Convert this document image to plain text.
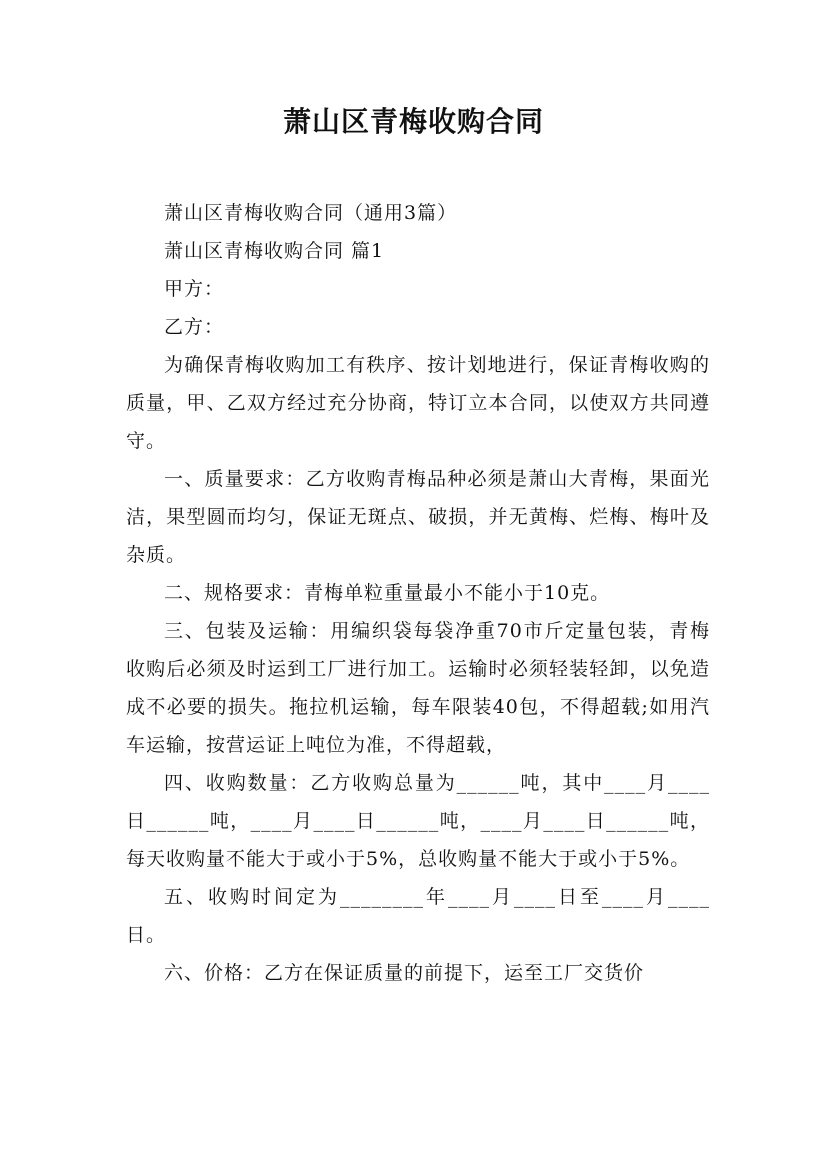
萧山区青梅收购合同

萧山区青梅收购合同（通用3篇）

萧山区青梅收购合同 篇1

甲方：

乙方：

为确保青梅收购加工有秩序、按计划地进行，保证青梅收购的质量，甲、乙双方经过充分协商，特订立本合同，以使双方共同遵守。

一、质量要求：乙方收购青梅品种必须是萧山大青梅，果面光洁，果型圆而均匀，保证无斑点、破损，并无黄梅、烂梅、梅叶及杂质。

二、规格要求：青梅单粒重量最小不能小于10克。

三、包装及运输：用编织袋每袋净重70市斤定量包装，青梅收购后必须及时运到工厂进行加工。运输时必须轻装轻卸，以免造成不必要的损失。拖拉机运输，每车限装40包，不得超载;如用汽车运输，按营运证上吨位为准，不得超载，

四、收购数量：乙方收购总量为______吨，其中____月____日______吨，____月____日______吨，____月____日______吨，每天收购量不能大于或小于5%，总收购量不能大于或小于5%。

五、收购时间定为________年____月____日至____月____日。

六、价格：乙方在保证质量的前提下，运至工厂交货价
